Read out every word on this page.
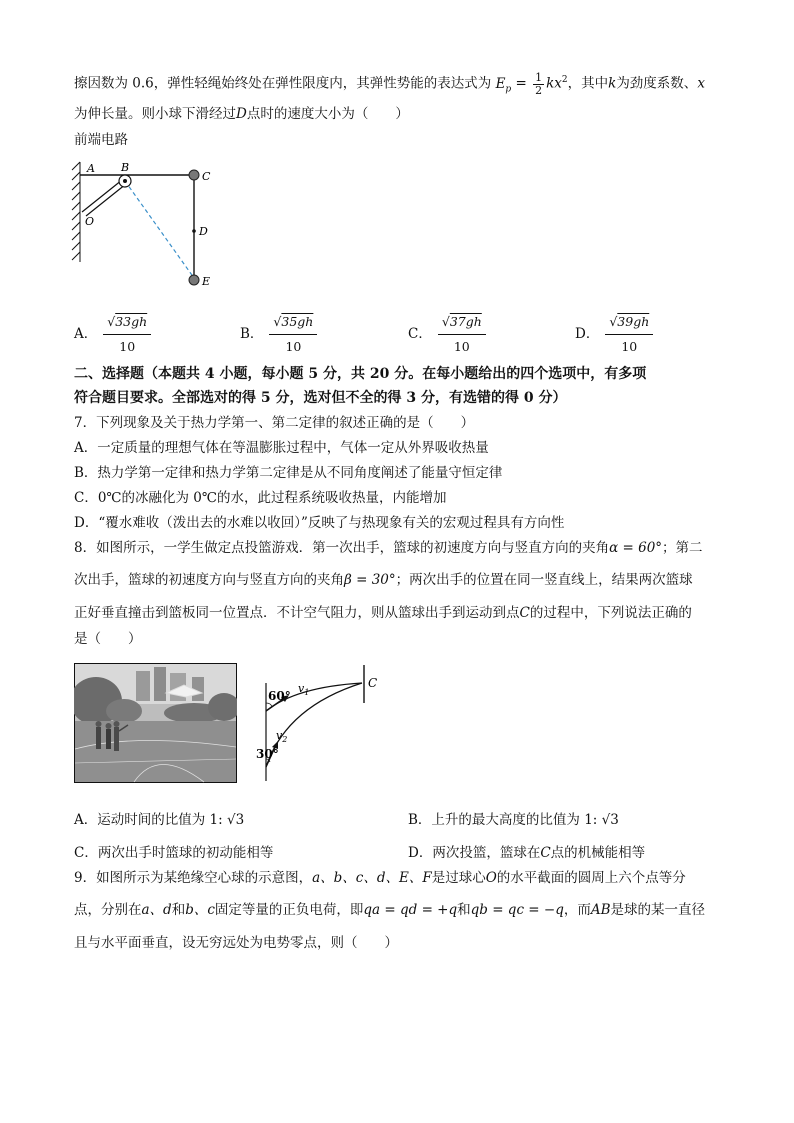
擦因数为 0.6，弹性轻绳始终处在弹性限度内，其弹性势能的表达式为 $E_p = \frac{1}{2} kx^2$，其中k为劲度系数、x
为伸长量。则小球下滑经过D点时的速度大小为（　　）
前端电路
A B
C
D
E
O
A． $\frac{√33gh}{10}$	B． $\frac{√35gh}{10}$	C． $\frac{√37gh}{10}$	D． $\frac{√39gh}{10}$
二、选择题（本题共 4 小题，每小题 5 分，共 20 分。在每小题给出的四个选项中，有多项
符合题目要求。全部选对的得 5 分，选对但不全的得 3 分，有选错的得 0 分）
7．下列现象及关于热力学第一、第二定律的叙述正确的是（　　）
A．一定质量的理想气体在等温膨胀过程中，气体一定从外界吸收热量
B．热力学第一定律和热力学第二定律是从不同角度阐述了能量守恒定律
C．0℃的冰融化为 0℃的水，此过程系统吸收热量，内能增加
D．“覆水难收（泼出去的水难以收回）”反映了与热现象有关的宏观过程具有方向性
8．如图所示，一学生做定点投篮游戏．第一次出手，篮球的初速度方向与竖直方向的夹角α = 60°；第二
次出手，篮球的初速度方向与竖直方向的夹角β = 30°；两次出手的位置在同一竖直线上，结果两次篮球
正好垂直撞击到篮板同一位置点．不计空气阻力，则从篮球出手到运动到点C的过程中，下列说法正确的
是（　　）
60°
30°
$v_1$
$v_2$
C
A．运动时间的比值为 1: √3	B．上升的最大高度的比值为 1: √3
C．两次出手时篮球的初动能相等	D．两次投篮，篮球在C点的机械能相等
9．如图所示为某绝缘空心球的示意图，a、b、c、d、E、F是过球心O的水平截面的圆周上六个点等分
点，分别在a、d和b、c固定等量的正负电荷，即qa = qd = +q和qb = qc = −q，而AB是球的某一直径
且与水平面垂直，设无穷远处为电势零点，则（　　）
